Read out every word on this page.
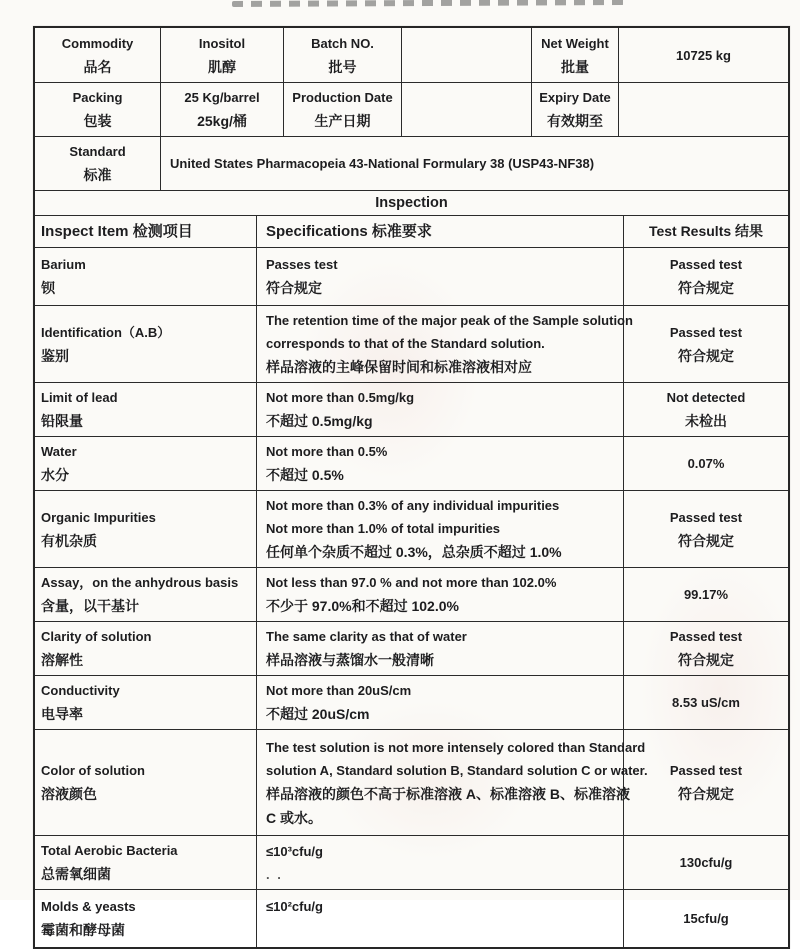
Commodity
品名
Inositol
肌醇
Batch NO.
批号
Net Weight
批量
10725 kg
Packing
包装
25 Kg/barrel
25kg/桶
Production Date
生产日期
Expiry Date
有效期至
Standard
标准
United States Pharmacopeia 43-National Formulary 38 (USP43-NF38)
Inspection
Inspect Item 检测项目	Specifications 标准要求	Test Results 结果
Barium
钡
Passes test
符合规定
Passed test
符合规定
Identification（A.B）
鉴别
The retention time of the major peak of the Sample solution
corresponds to that of the Standard solution.
样品溶液的主峰保留时间和标准溶液相对应
Passed test
符合规定
Limit of lead
铅限量
Not more than 0.5mg/kg
不超过 0.5mg/kg
Not detected
未检出
Water
水分
Not more than 0.5%
不超过 0.5%
0.07%
Organic Impurities
有机杂质
Not more than 0.3% of any individual impurities
Not more than 1.0% of total impurities
任何单个杂质不超过 0.3%，总杂质不超过 1.0%
Passed test
符合规定
Assay，on the anhydrous basis
含量，以干基计
Not less than 97.0 % and not more than 102.0%
不少于 97.0%和不超过 102.0%
99.17%
Clarity of solution
溶解性
The same clarity as that of water
样品溶液与蒸馏水一般清晰
Passed test
符合规定
Conductivity
电导率
Not more than 20uS/cm
不超过 20uS/cm
8.53 uS/cm
Color of solution
溶液颜色
The test solution is not more intensely colored than Standard
solution A, Standard solution B, Standard solution C or water.
样品溶液的颜色不高于标准溶液 A、标准溶液 B、标准溶液
C 或水。
Passed test
符合规定
Total Aerobic Bacteria
总需氧细菌
≤10³cfu/g
. .
130cfu/g
Molds & yeasts
霉菌和酵母菌
≤10²cfu/g
15cfu/g
